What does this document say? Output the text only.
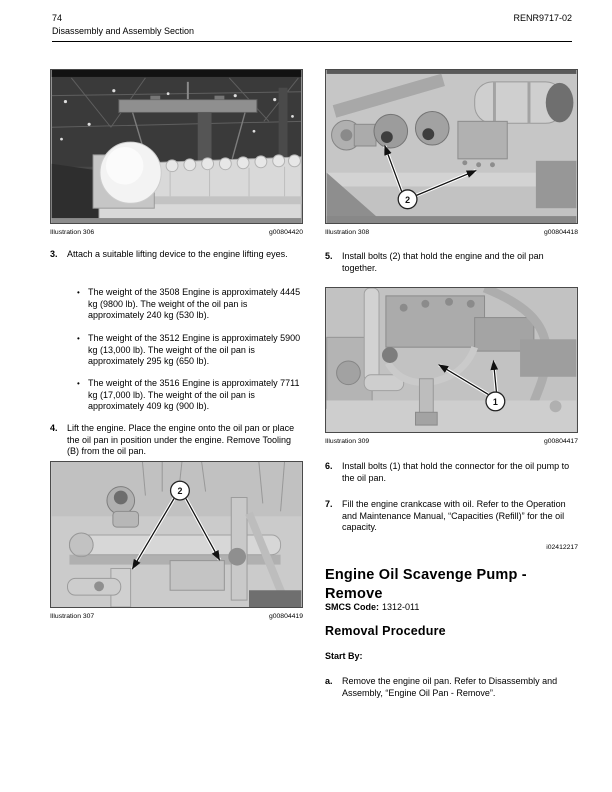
74
Disassembly and Assembly Section
RENR9717-02
Illustration 306	g00804420
2
Illustration 308	g00804418
3.	Attach a suitable lifting device to the engine lifting eyes.
• The weight of the 3508 Engine is approximately 4445 kg (9800 lb). The weight of the oil pan is approximately 240 kg (530 lb).
• The weight of the 3512 Engine is approximately 5900 kg (13,000 lb). The weight of the oil pan is approximately 295 kg (650 lb).
• The weight of the 3516 Engine is approximately 7711 kg (17,000 lb). The weight of the oil pan is approximately 409 kg (900 lb).
4.	Lift the engine. Place the engine onto the oil pan or place the oil pan in position under the engine. Remove Tooling (B) from the oil pan.
2
Illustration 307	g00804419
5.	Install bolts (2) that hold the engine and the oil pan together.
1
Illustration 309	g00804417
6.	Install bolts (1) that hold the connector for the oil pump to the oil pan.
7.	Fill the engine crankcase with oil. Refer to the Operation and Maintenance Manual, “Capacities (Refill)” for the oil capacity.
i02412217
Engine Oil Scavenge Pump - Remove
SMCS Code: 1312-011
Removal Procedure
Start By:
a.	Remove the engine oil pan. Refer to Disassembly and Assembly, “Engine Oil Pan - Remove”.
